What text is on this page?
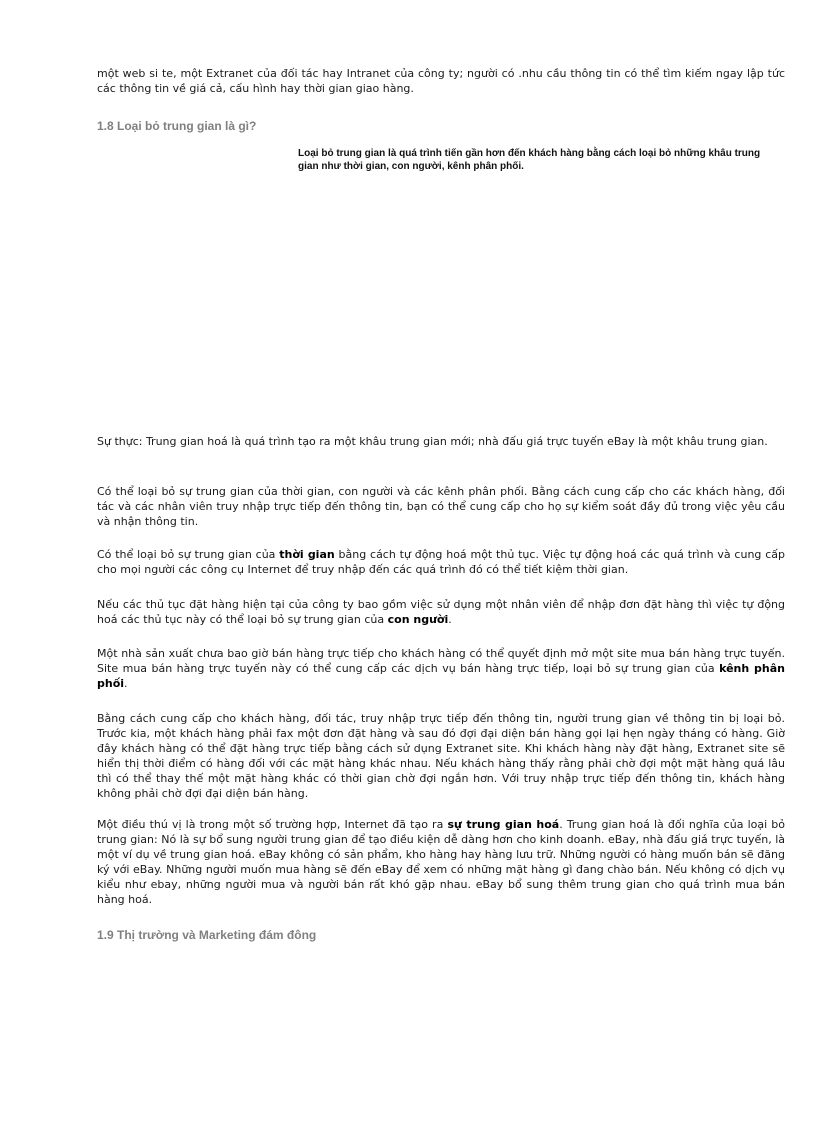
một web si te, một Extranet của đối tác hay Intranet của công ty; người có .nhu cầu thông tin có thể tìm kiếm ngay lập tức các thông tin về giá cả, cấu hình hay thời gian giao hàng.

1.8 Loại bỏ trung gian là gì?

Loại bỏ trung gian là quá trình tiến gần hơn đến khách hàng bằng cách loại bỏ những khâu trung gian như thời gian, con người, kênh phân phối.

Sự thực: Trung gian hoá là quá trình tạo ra một khâu trung gian mới; nhà đấu giá trực tuyến eBay là một khâu trung gian.

Có thể loại bỏ sự trung gian của thời gian, con người và các kênh phân phối. Bằng cách cung cấp cho các khách hàng, đối tác và các nhân viên truy nhập trực tiếp đến thông tin, bạn có thể cung cấp cho họ sự kiểm soát đầy đủ trong việc yêu cầu và nhận thông tin.

Có thể loại bỏ sự trung gian của thời gian bằng cách tự động hoá một thủ tục. Việc tự động hoá các quá trình và cung cấp cho mọi người các công cụ Internet để truy nhập đến các quá trình đó có thể tiết kiệm thời gian.

Nếu các thủ tục đặt hàng hiện tại của công ty bao gồm việc sử dụng một nhân viên để nhập đơn đặt hàng thì việc tự động hoá các thủ tục này có thể loại bỏ sự trung gian của con người.

Một nhà sản xuất chưa bao giờ bán hàng trực tiếp cho khách hàng có thể quyết định mở một site mua bán hàng trực tuyến. Site mua bán hàng trực tuyến này có thể cung cấp các dịch vụ bán hàng trực tiếp, loại bỏ sự trung gian của kênh phân phối.

Bằng cách cung cấp cho khách hàng, đối tác, truy nhập trực tiếp đến thông tin, người trung gian về thông tin bị loại bỏ. Trước kia, một khách hàng phải fax một đơn đặt hàng và sau đó đợi đại diện bán hàng gọi lại hẹn ngày tháng có hàng. Giờ đây khách hàng có thể đặt hàng trực tiếp bằng cách sử dụng Extranet site. Khi khách hàng này đặt hàng, Extranet site sẽ hiển thị thời điểm có hàng đối với các mặt hàng khác nhau. Nếu khách hàng thấy rằng phải chờ đợi một mặt hàng quá lâu thì có thể thay thế một mặt hàng khác có thời gian chờ đợi ngắn hơn. Với truy nhập trực tiếp đến thông tin, khách hàng không phải chờ đợi đại diện bán hàng.

Một điều thú vị là trong một số trường hợp, Internet đã tạo ra sự trung gian hoá. Trung gian hoá là đối nghĩa của loại bỏ trung gian: Nó là sự bổ sung người trung gian để tạo điều kiện dễ dàng hơn cho kinh doanh. eBay, nhà đấu giá trực tuyến, là một ví dụ về trung gian hoá. eBay không có sản phẩm, kho hàng hay hàng lưu trữ. Những người có hàng muốn bán sẽ đăng ký với eBay. Những người muốn mua hàng sẽ đến eBay để xem có những mặt hàng gì đang chào bán. Nếu không có dịch vụ kiểu như ebay, những người mua và người bán rất khó gặp nhau. eBay bổ sung thêm trung gian cho quá trình mua bán hàng hoá.

1.9 Thị trường và Marketing đám đông
